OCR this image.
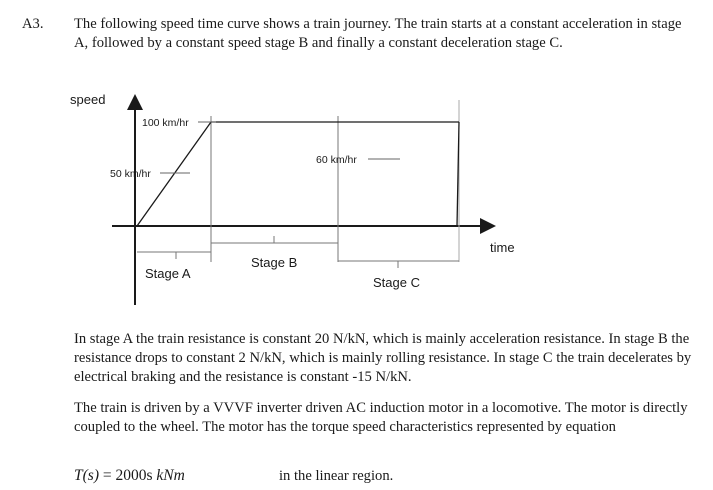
A3. The following speed time curve shows a train journey. The train starts at a constant acceleration in stage A, followed by a constant speed stage B and finally a constant deceleration stage C.

speed
time
100 km/hr
60 km/hr
50 km/hr
Stage A
Stage B
Stage C

In stage A the train resistance is constant 20 N/kN, which is mainly acceleration resistance. In stage B the resistance drops to constant 2 N/kN, which is mainly rolling resistance. In stage C the train decelerates by electrical braking and the resistance is constant -15 N/kN.

The train is driven by a VVVF inverter driven AC induction motor in a locomotive. The motor is directly coupled to the wheel. The motor has the torque speed characteristics represented by equation

T(s) = 2000s kNm	in the linear region.
